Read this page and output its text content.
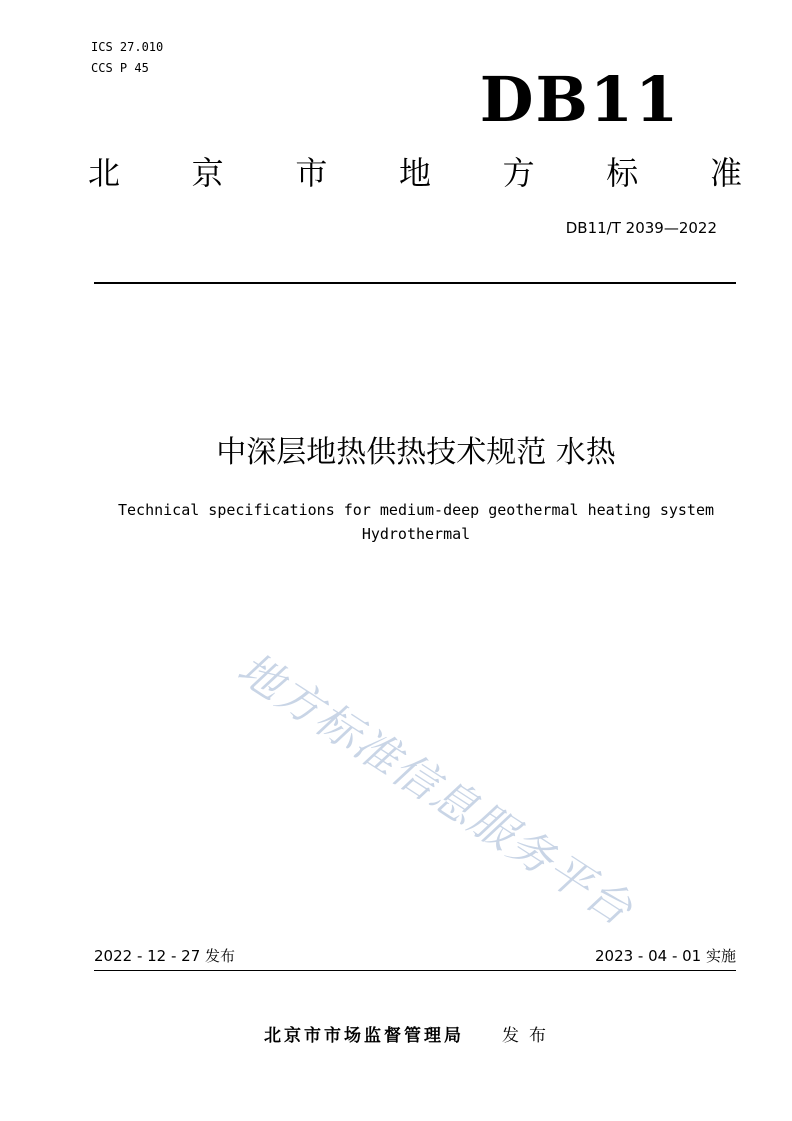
ICS 27.010
CCS P 45	DB11
北 京 市 地 方 标 准
DB11/T 2039—2022
中深层地热供热技术规范 水热
Technical specifications for medium-deep geothermal heating system
Hydrothermal
地方标准信息服务平台
2022 - 12 - 27 发布	2023 - 04 - 01 实施
北京市市场监督管理局 发布
